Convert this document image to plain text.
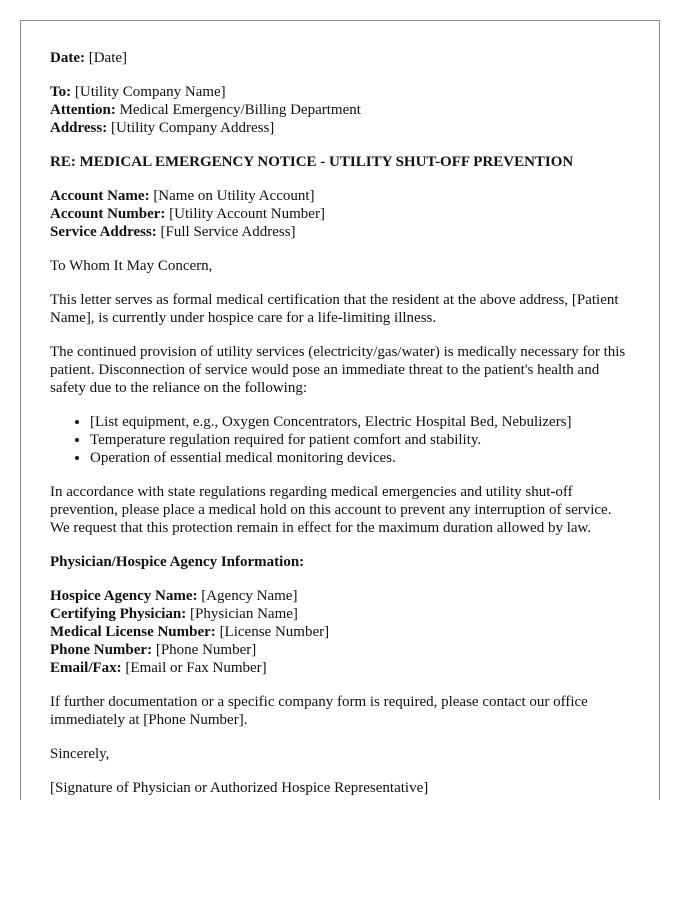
Date: [Date]
To: [Utility Company Name]
Attention: Medical Emergency/Billing Department
Address: [Utility Company Address]
RE: MEDICAL EMERGENCY NOTICE - UTILITY SHUT-OFF PREVENTION
Account Name: [Name on Utility Account]
Account Number: [Utility Account Number]
Service Address: [Full Service Address]

To Whom It May Concern,

This letter serves as formal medical certification that the resident at the above address, [Patient Name], is currently under hospice care for a life-limiting illness.

The continued provision of utility services (electricity/gas/water) is medically necessary for this patient. Disconnection of service would pose an immediate threat to the patient's health and safety due to the reliance on the following:

• [List equipment, e.g., Oxygen Concentrators, Electric Hospital Bed, Nebulizers]
• Temperature regulation required for patient comfort and stability.
• Operation of essential medical monitoring devices.

In accordance with state regulations regarding medical emergencies and utility shut-off prevention, please place a medical hold on this account to prevent any interruption of service. We request that this protection remain in effect for the maximum duration allowed by law.

Physician/Hospice Agency Information:
Hospice Agency Name: [Agency Name]
Certifying Physician: [Physician Name]
Medical License Number: [License Number]
Phone Number: [Phone Number]
Email/Fax: [Email or Fax Number]

If further documentation or a specific company form is required, please contact our office immediately at [Phone Number].

Sincerely,

[Signature of Physician or Authorized Hospice Representative]
